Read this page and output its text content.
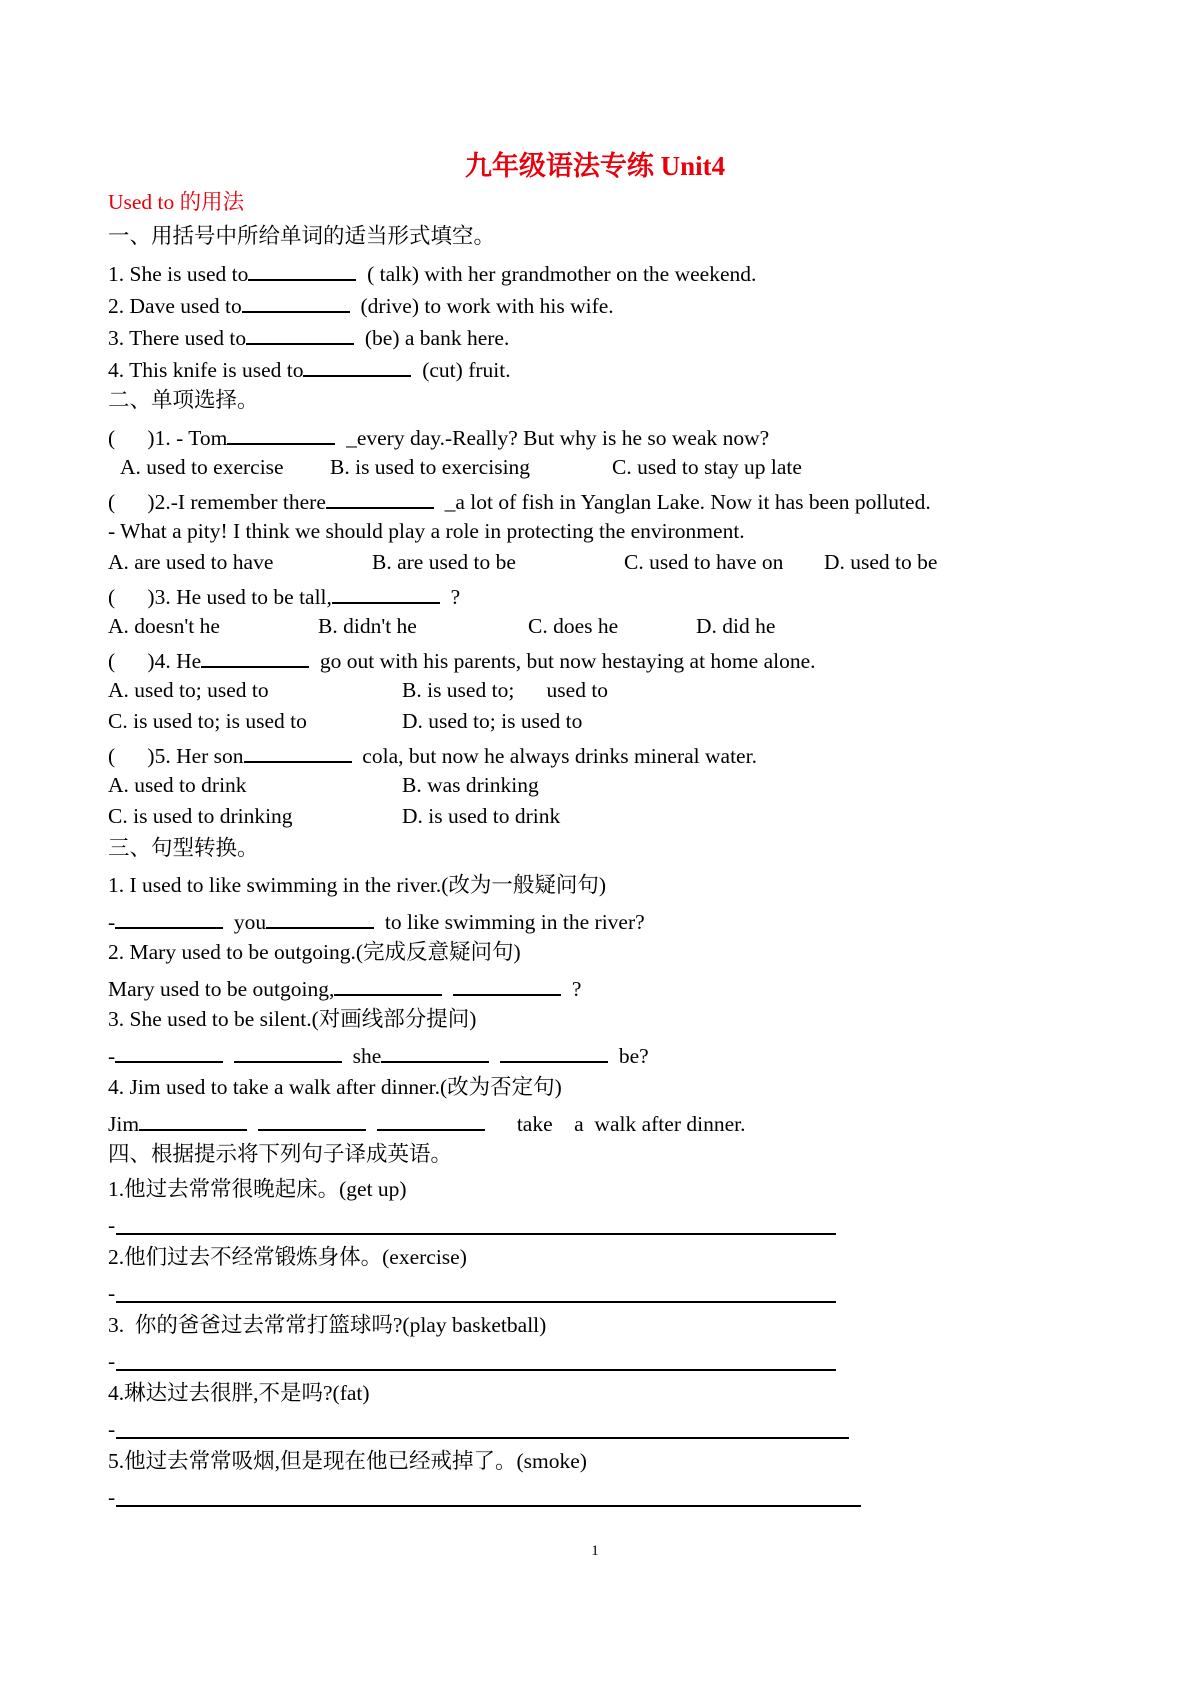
九年级语法专练 Unit4
Used to 的用法
一、用括号中所给单词的适当形式填空。
1. She is used to	( talk) with her grandmother on the weekend.
2. Dave used to	(drive) to work with his wife.
3. There used to	(be) a bank here.
4. This knife is used to	(cut) fruit.
二、单项选择。
(      )1. - Tom	_every day.-Really? But why is he so weak now?
A. used to exercise B. is used to exercising	C. used to stay up late
(      )2.-I remember there	_a lot of fish in Yanglan Lake. Now it has been polluted.
- What a pity! I think we should play a role in protecting the environment.
A. are used to have	B. are used to be	C. used to have on D. used to be
(      )3. He used to be tall,	?
A. doesn't he	B. didn't he	C. does he	D. did he
(      )4. He	go out with his parents, but now hestaying at home alone.
A. used to; used to	B. is used to;      used to
C. is used to; is used to	D. used to; is used to
(      )5. Her son	cola, but now he always drinks mineral water.
A. used to drink	B. was drinking
C. is used to drinking	D. is used to drink
三、句型转换。
1. I used to like swimming in the river.(改为一般疑问句)
-	you	to like swimming in the river?
2. Mary used to be outgoing.(完成反意疑问句)
Mary used to be outgoing,	?
3. She used to be silent.(对画线部分提问)
-	she	be?
4. Jim used to take a walk after dinner.(改为否定句)
Jim	take    a  walk after dinner.
四、根据提示将下列句子译成英语。
1.他过去常常很晚起床。(get up)
-
2.他们过去不经常锻炼身体。(exercise)
-
3.  你的爸爸过去常常打篮球吗?(play basketball)
-
4.琳达过去很胖,不是吗?(fat)
-
5.他过去常常吸烟,但是现在他已经戒掉了。(smoke)
-
1
